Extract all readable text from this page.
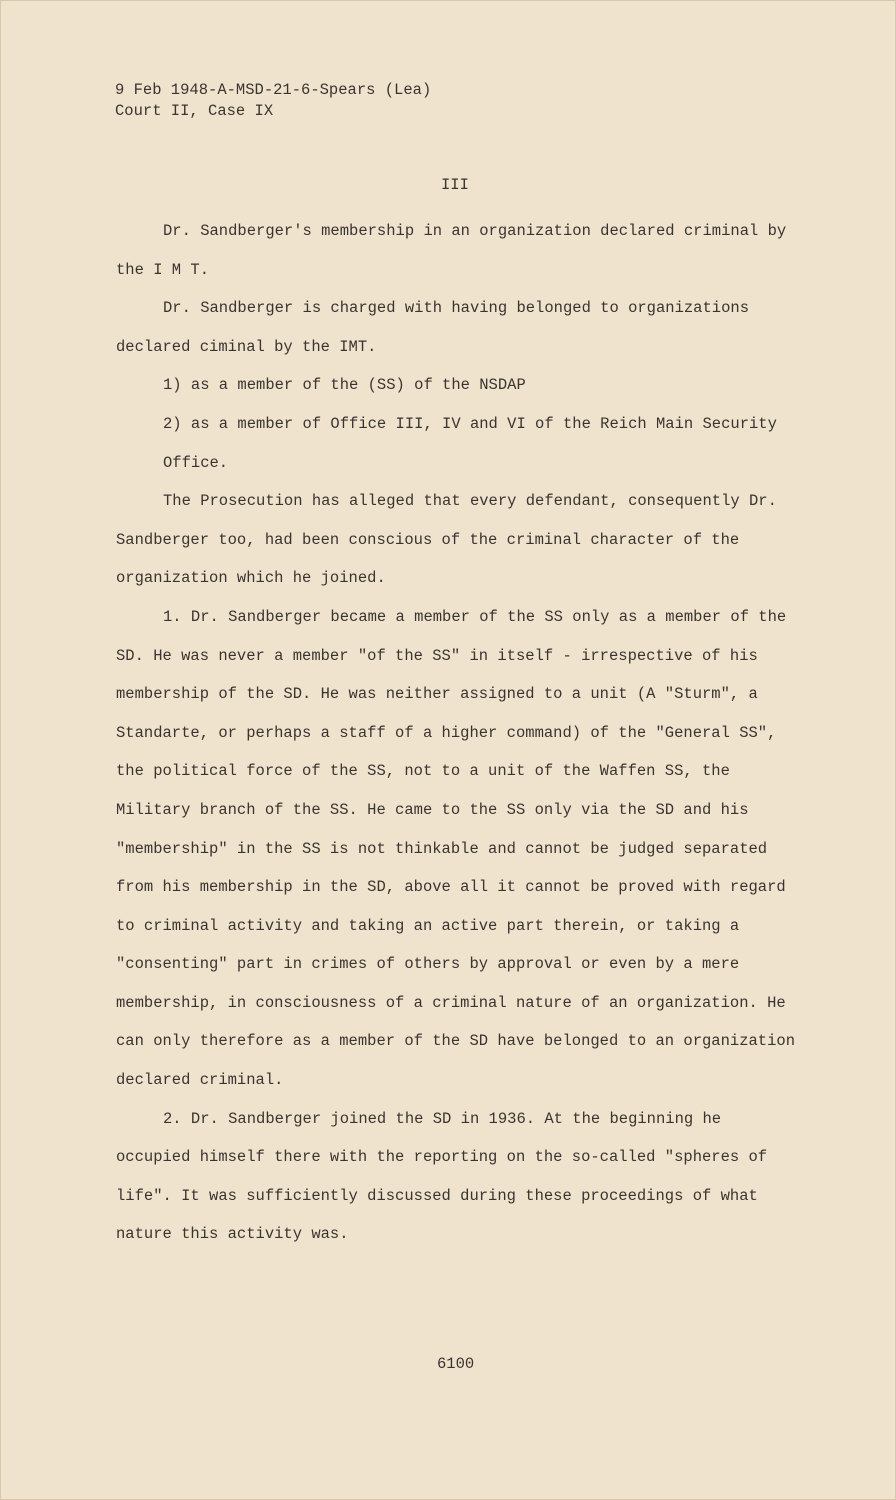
9 Feb 1948-A-MSD-21-6-Spears (Lea)
Court II, Case IX
III

Dr. Sandberger's membership in an organization declared criminal by the I M T.

Dr. Sandberger is charged with having belonged to organizations declared ciminal by the IMT.

1) as a member of the (SS) of the NSDAP

2) as a member of Office III, IV and VI of the Reich Main Security Office.

The Prosecution has alleged that every defendant, consequently Dr. Sandberger too, had been conscious of the criminal character of the organization which he joined.

1. Dr. Sandberger became a member of the SS only as a member of the SD. He was never a member "of the SS" in itself - irrespective of his membership of the SD. He was neither assigned to a unit (A "Sturm", a Standarte, or perhaps a staff of a higher command) of the "General SS", the political force of the SS, not to a unit of the Waffen SS, the Military branch of the SS. He came to the SS only via the SD and his "membership" in the SS is not thinkable and cannot be judged separated from his membership in the SD, above all it cannot be proved with regard to criminal activity and taking an active part therein, or taking a "consenting" part in crimes of others by approval or even by a mere membership, in consciousness of a criminal nature of an organization. He can only therefore as a member of the SD have belonged to an organization declared criminal.

2. Dr. Sandberger joined the SD in 1936. At the beginning he occupied himself there with the reporting on the so-called "spheres of life". It was sufficiently discussed during these proceedings of what nature this activity was.

6100
